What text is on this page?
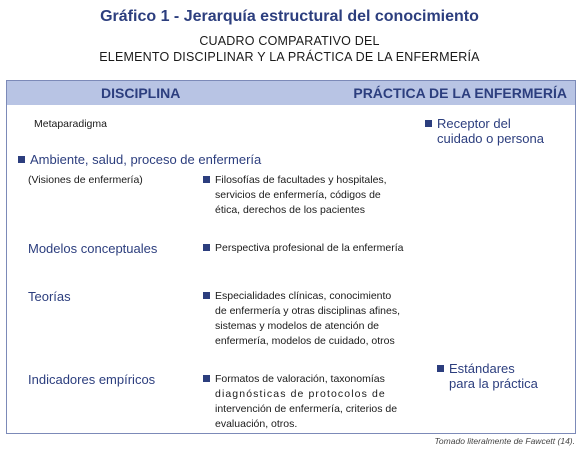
Gráfico 1 - Jerarquía estructural del conocimiento
CUADRO COMPARATIVO DEL
ELEMENTO DISCIPLINAR Y LA PRÁCTICA DE LA ENFERMERÍA
DISCIPLINA	PRÁCTICA DE LA ENFERMERÍA
Metaparadigma	Receptor del
cuidado o persona
Ambiente, salud, proceso de enfermería
(Visiones de enfermería)	Filosofías de facultades y hospitales,
servicios de enfermería, códigos de
ética, derechos de los pacientes
Modelos conceptuales	Perspectiva profesional de la enfermería
Teorías	Especialidades clínicas, conocimiento
de enfermería y otras disciplinas afines,
sistemas y modelos de atención de
enfermería, modelos de cuidado, otros
Estándares
para la práctica
Indicadores empíricos	Formatos de valoración, taxonomías
diagnósticas de protocolos de
intervención de enfermería, criterios de
evaluación, otros.
Tomado literalmente de Fawcett (14).
